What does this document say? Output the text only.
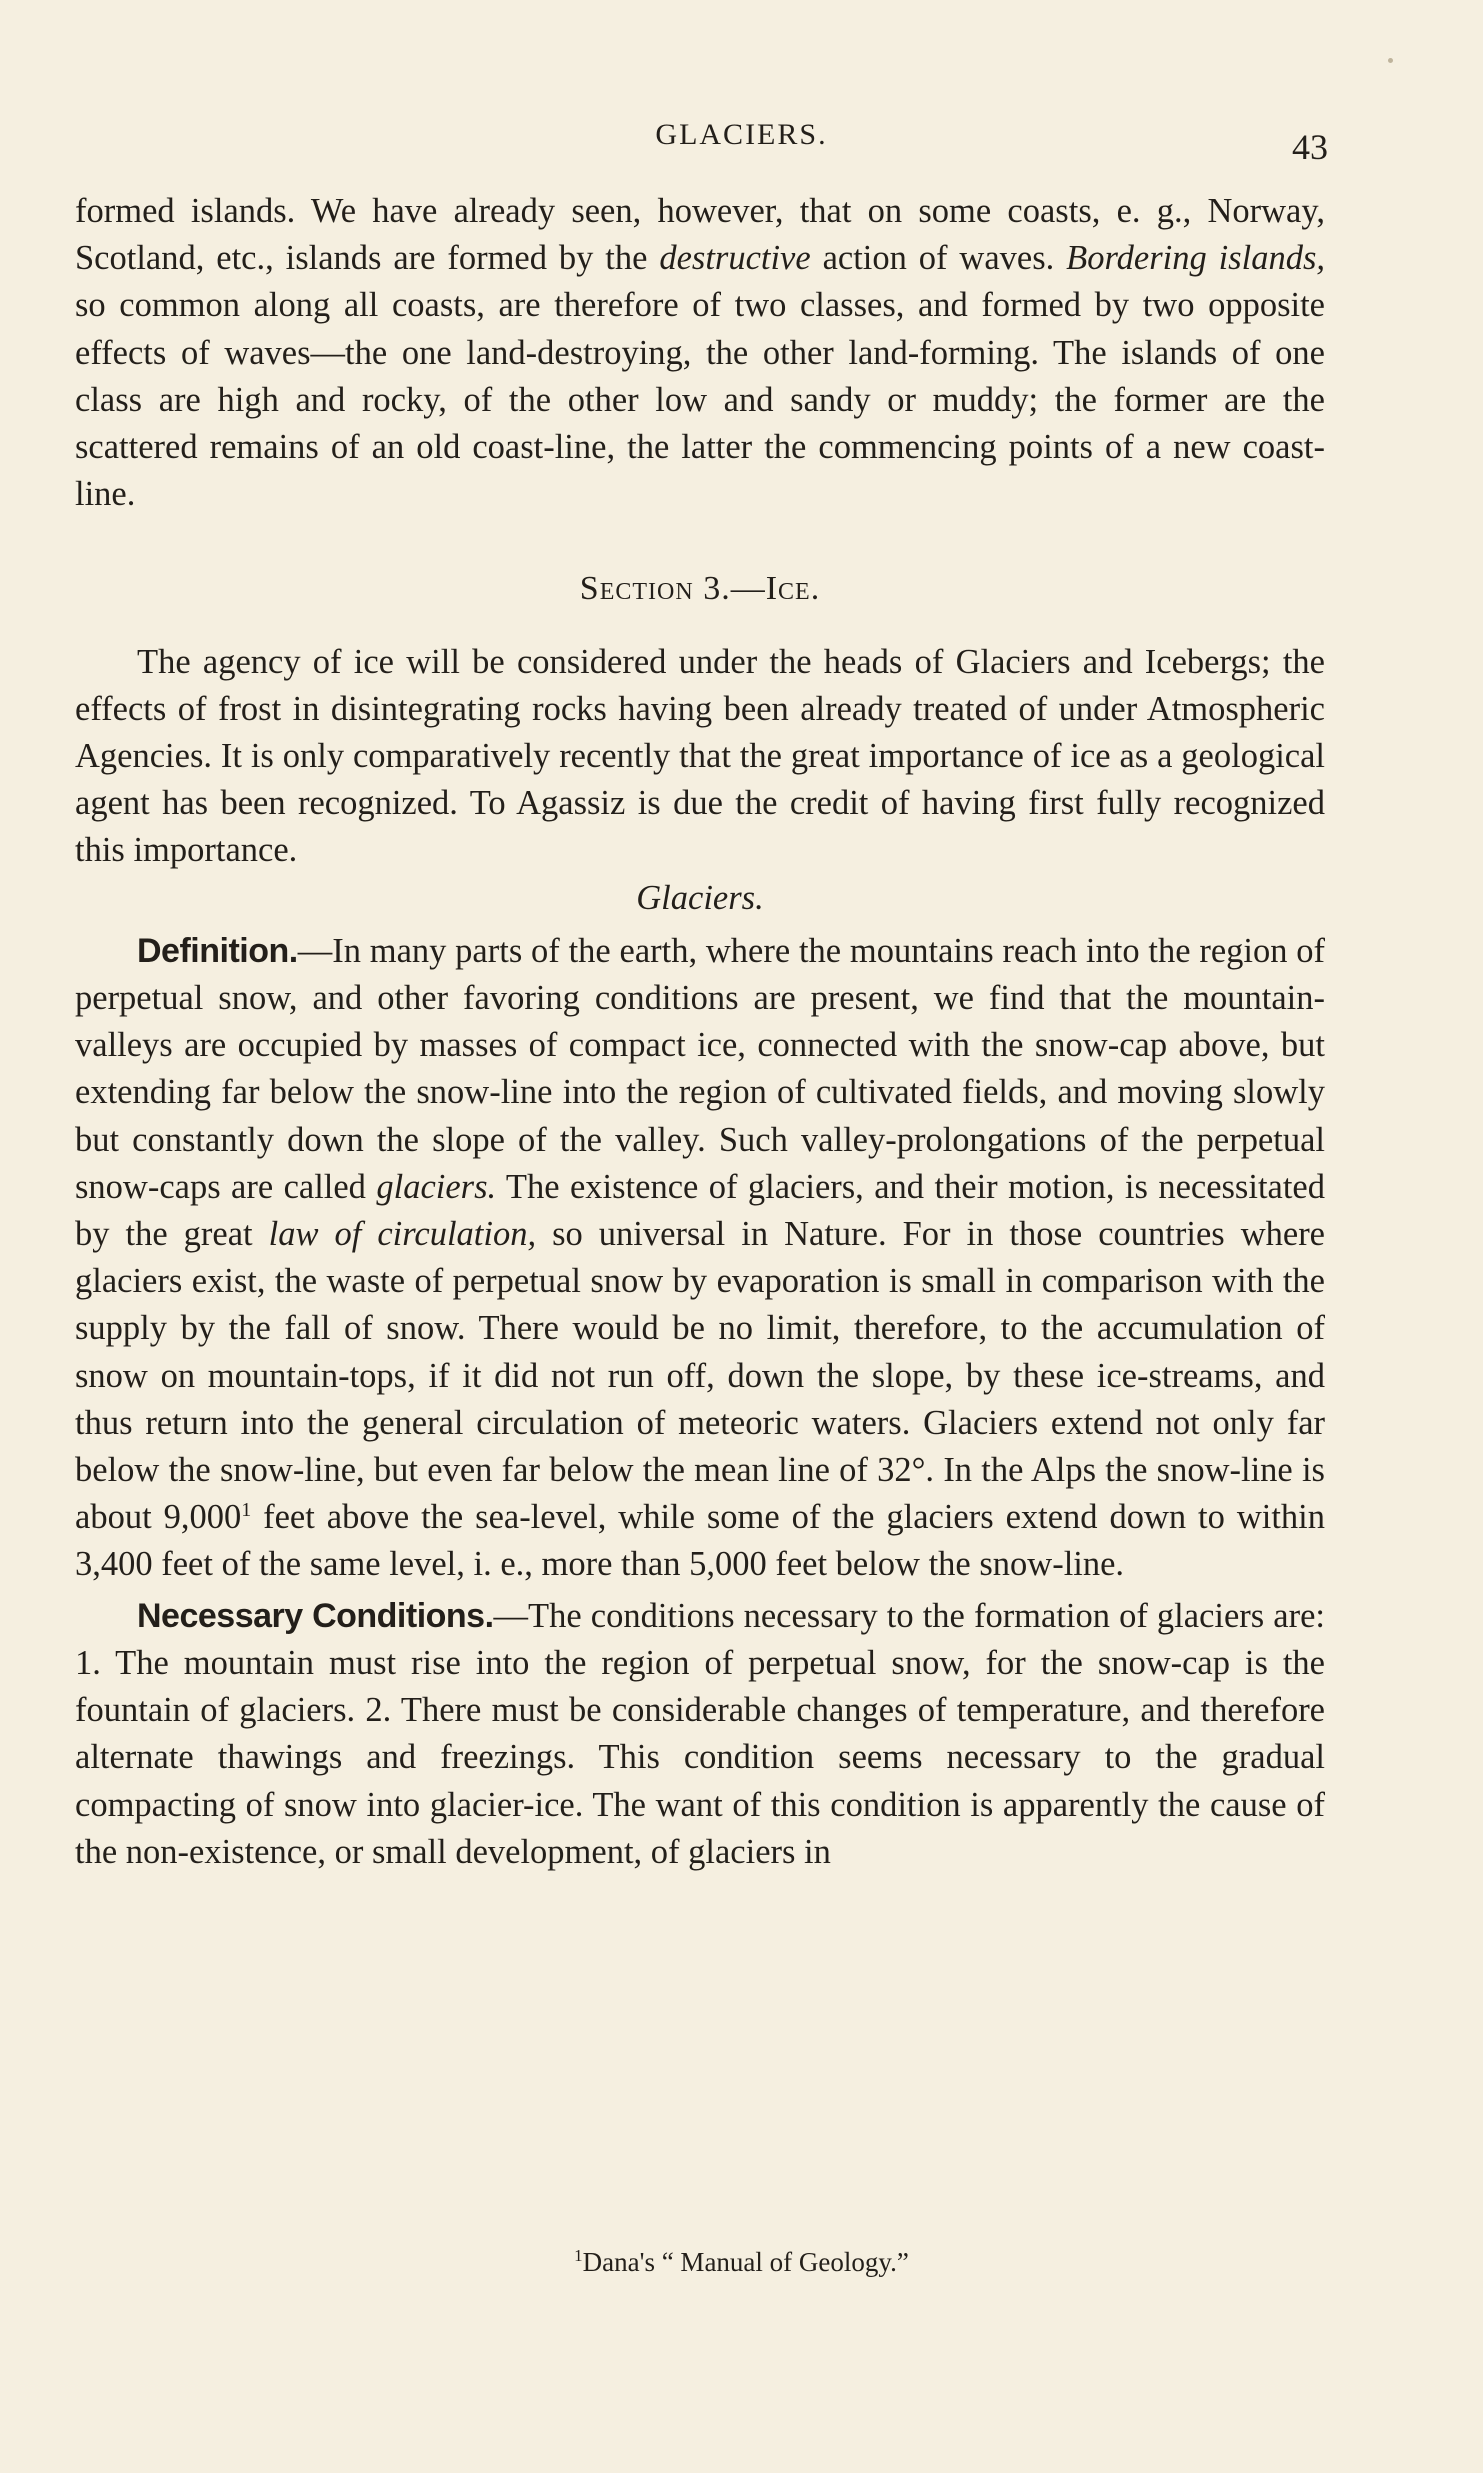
GLACIERS.	43

formed islands. We have already seen, however, that on some coasts, e. g., Norway, Scotland, etc., islands are formed by the destructive action of waves. Bordering islands, so common along all coasts, are therefore of two classes, and formed by two opposite effects of waves—the one land-destroying, the other land-forming. The islands of one class are high and rocky, of the other low and sandy or muddy; the former are the scattered remains of an old coast-line, the latter the commencing points of a new coast-line.

Section 3.—Ice.

The agency of ice will be considered under the heads of Glaciers and Icebergs; the effects of frost in disintegrating rocks having been already treated of under Atmospheric Agencies. It is only comparatively recently that the great importance of ice as a geological agent has been recognized. To Agassiz is due the credit of having first fully recognized this importance.

Glaciers.

Definition.—In many parts of the earth, where the mountains reach into the region of perpetual snow, and other favoring conditions are present, we find that the mountain-valleys are occupied by masses of compact ice, connected with the snow-cap above, but extending far below the snow-line into the region of cultivated fields, and moving slowly but constantly down the slope of the valley. Such valley-prolongations of the perpetual snow-caps are called glaciers. The existence of glaciers, and their motion, is necessitated by the great law of circulation, so universal in Nature. For in those countries where glaciers exist, the waste of perpetual snow by evaporation is small in comparison with the supply by the fall of snow. There would be no limit, therefore, to the accumulation of snow on mountain-tops, if it did not run off, down the slope, by these ice-streams, and thus return into the general circulation of meteoric waters. Glaciers extend not only far below the snow-line, but even far below the mean line of 32°. In the Alps the snow-line is about 9,000$^1$ feet above the sea-level, while some of the glaciers extend down to within 3,400 feet of the same level, i. e., more than 5,000 feet below the snow-line.

Necessary Conditions.—The conditions necessary to the formation of glaciers are: 1. The mountain must rise into the region of perpetual snow, for the snow-cap is the fountain of glaciers. 2. There must be considerable changes of temperature, and therefore alternate thawings and freezings. This condition seems necessary to the gradual compacting of snow into glacier-ice. The want of this condition is apparently the cause of the non-existence, or small development, of glaciers in

$^1$Dana's “ Manual of Geology.”
